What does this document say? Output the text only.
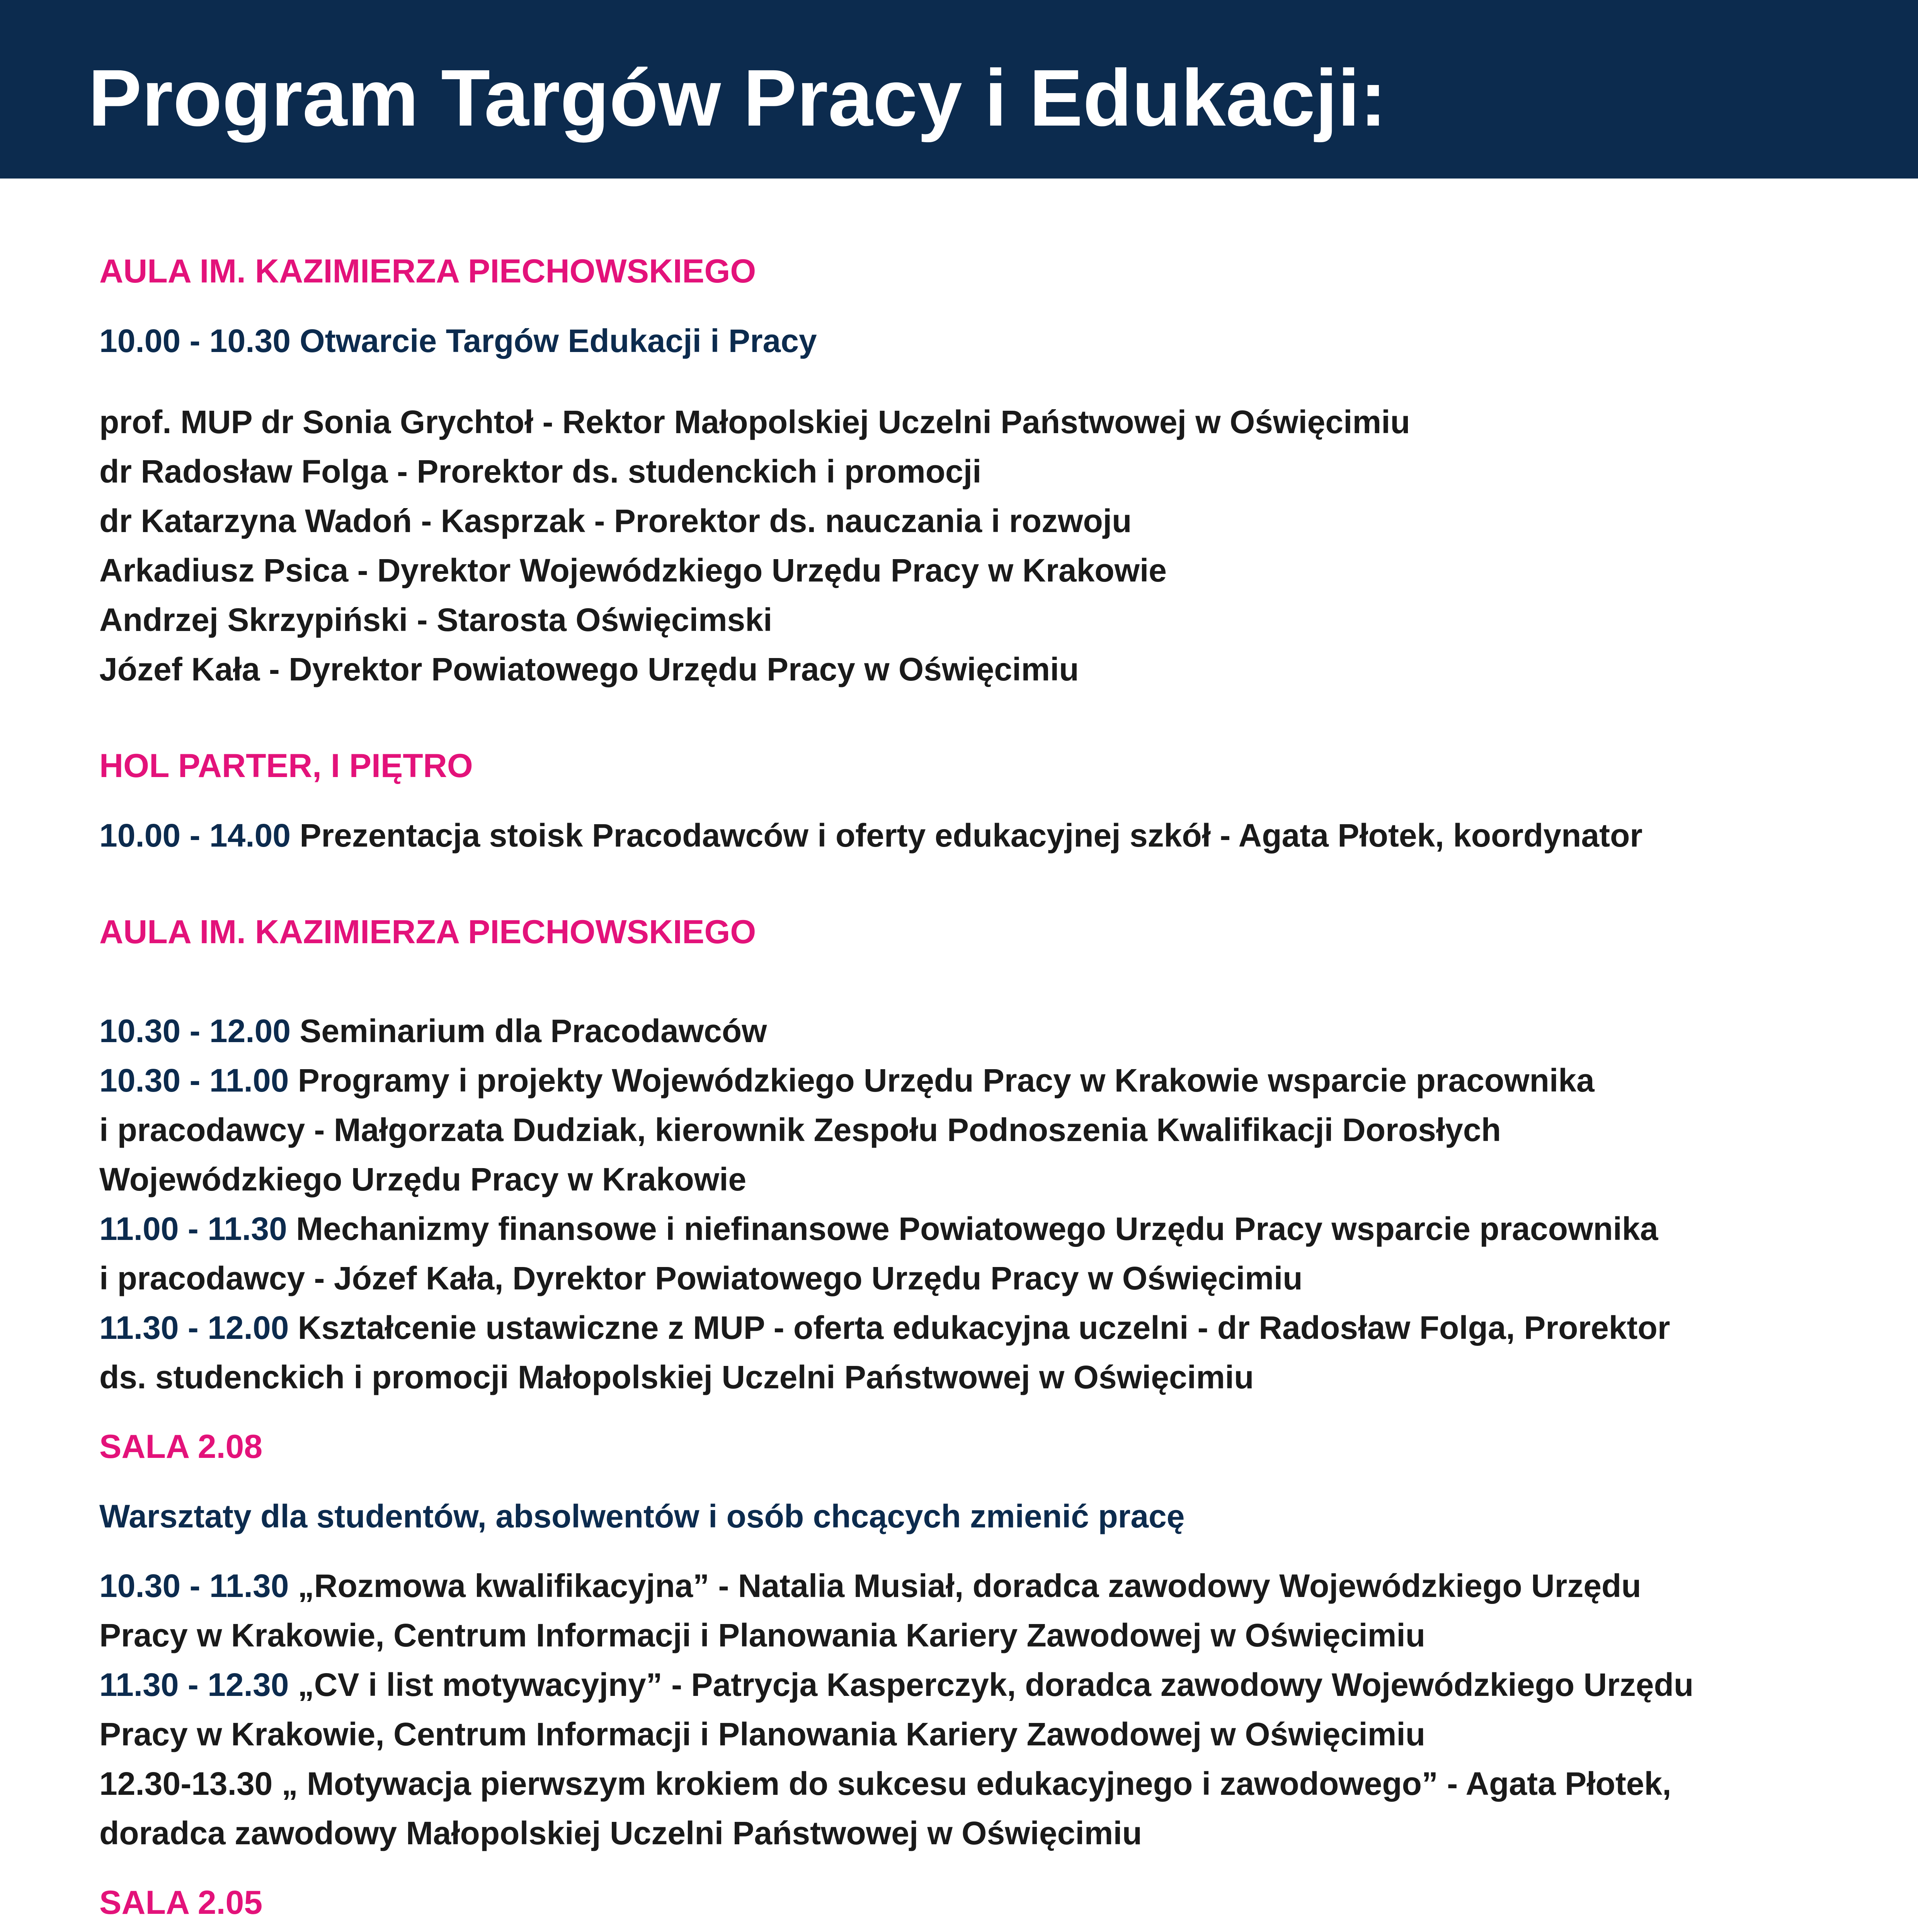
Program Targów Pracy i Edukacji:
AULA IM. KAZIMIERZA PIECHOWSKIEGO
10.00 - 10.30 Otwarcie Targów Edukacji i Pracy
prof. MUP dr Sonia Grychtoł - Rektor Małopolskiej Uczelni Państwowej w Oświęcimiu
dr Radosław Folga - Prorektor ds. studenckich i promocji
dr Katarzyna Wadoń - Kasprzak - Prorektor ds. nauczania i rozwoju
Arkadiusz Psica - Dyrektor Wojewódzkiego Urzędu Pracy w Krakowie
Andrzej Skrzypiński - Starosta Oświęcimski
Józef Kała - Dyrektor Powiatowego Urzędu Pracy w Oświęcimiu
HOL PARTER, I PIĘTRO
10.00 - 14.00 Prezentacja stoisk Pracodawców i oferty edukacyjnej szkół - Agata Płotek, koordynator
AULA IM. KAZIMIERZA PIECHOWSKIEGO
10.30 - 12.00 Seminarium dla Pracodawców
10.30 - 11.00 Programy i projekty Wojewódzkiego Urzędu Pracy w Krakowie wsparcie pracownika
i pracodawcy - Małgorzata Dudziak, kierownik Zespołu Podnoszenia Kwalifikacji Dorosłych
Wojewódzkiego Urzędu Pracy w Krakowie
11.00 - 11.30 Mechanizmy finansowe i niefinansowe Powiatowego Urzędu Pracy wsparcie pracownika
i pracodawcy - Józef Kała, Dyrektor Powiatowego Urzędu Pracy w Oświęcimiu
11.30 - 12.00 Kształcenie ustawiczne z MUP - oferta edukacyjna uczelni - dr Radosław Folga, Prorektor
ds. studenckich i promocji Małopolskiej Uczelni Państwowej w Oświęcimiu
SALA 2.08
Warsztaty dla studentów, absolwentów i osób chcących zmienić pracę
10.30 - 11.30 „Rozmowa kwalifikacyjna” - Natalia Musiał, doradca zawodowy Wojewódzkiego Urzędu
Pracy w Krakowie, Centrum Informacji i Planowania Kariery Zawodowej w Oświęcimiu
11.30 - 12.30 „CV i list motywacyjny” - Patrycja Kasperczyk, doradca zawodowy Wojewódzkiego Urzędu
Pracy w Krakowie, Centrum Informacji i Planowania Kariery Zawodowej w Oświęcimiu
12.30-13.30 „ Motywacja pierwszym krokiem do sukcesu edukacyjnego i zawodowego” - Agata Płotek,
doradca zawodowy Małopolskiej Uczelni Państwowej w Oświęcimiu
SALA 2.05
